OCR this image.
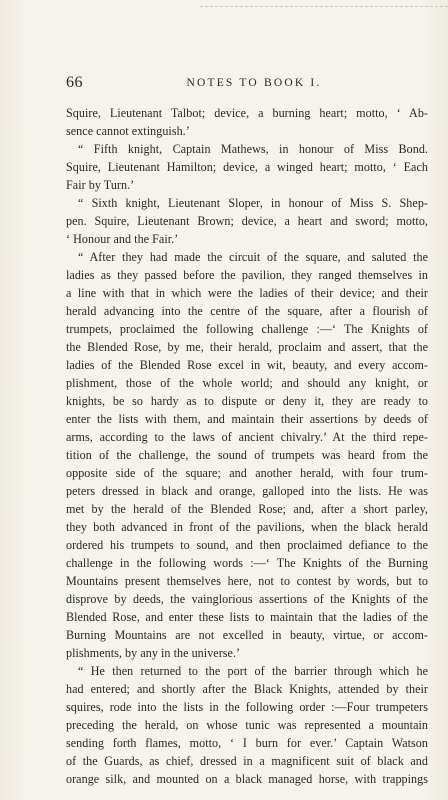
66	NOTES TO BOOK I.
Squire, Lieutenant Talbot; device, a burning heart; motto, ‘ Ab-
sence cannot extinguish.’
“ Fifth knight, Captain Mathews, in honour of Miss Bond.
Squire, Lieutenant Hamilton; device, a winged heart; motto, ‘ Each
Fair by Turn.’
“ Sixth knight, Lieutenant Sloper, in honour of Miss S. Shep-
pen. Squire, Lieutenant Brown; device, a heart and sword; motto,
‘ Honour and the Fair.’
“ After they had made the circuit of the square, and saluted the
ladies as they passed before the pavilion, they ranged themselves in
a line with that in which were the ladies of their device; and their
herald advancing into the centre of the square, after a flourish of
trumpets, proclaimed the following challenge :—‘ The Knights of
the Blended Rose, by me, their herald, proclaim and assert, that the
ladies of the Blended Rose excel in wit, beauty, and every accom-
plishment, those of the whole world; and should any knight, or
knights, be so hardy as to dispute or deny it, they are ready to
enter the lists with them, and maintain their assertions by deeds of
arms, according to the laws of ancient chivalry.’ At the third repe-
tition of the challenge, the sound of trumpets was heard from the
opposite side of the square; and another herald, with four trum-
peters dressed in black and orange, galloped into the lists. He was
met by the herald of the Blended Rose; and, after a short parley,
they both advanced in front of the pavilions, when the black herald
ordered his trumpets to sound, and then proclaimed defiance to the
challenge in the following words :—‘ The Knights of the Burning
Mountains present themselves here, not to contest by words, but to
disprove by deeds, the vainglorious assertions of the Knights of the
Blended Rose, and enter these lists to maintain that the ladies of the
Burning Mountains are not excelled in beauty, virtue, or accom-
plishments, by any in the universe.’
“ He then returned to the port of the barrier through which he
had entered; and shortly after the Black Knights, attended by their
squires, rode into the lists in the following order :—Four trumpeters
preceding the herald, on whose tunic was represented a mountain
sending forth flames, motto, ‘ I burn for ever.’ Captain Watson
of the Guards, as chief, dressed in a magnificent suit of black and
orange silk, and mounted on a black managed horse, with trappings
